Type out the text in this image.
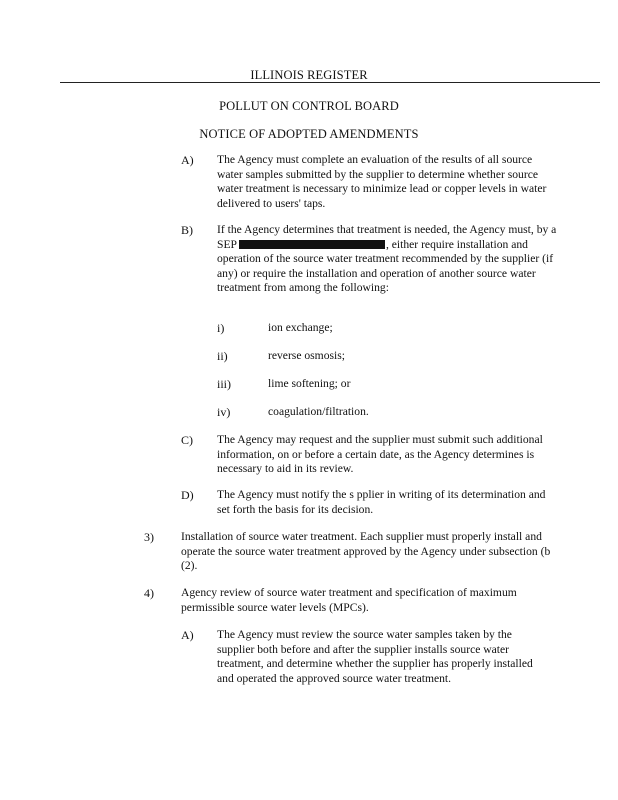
ILLINOIS REGISTER
POLLUT ON CONTROL BOARD
NOTICE OF ADOPTED AMENDMENTS
A) The Agency must complete an evaluation of the results of all source water samples submitted by the supplier to determine whether source water treatment is necessary to minimize lead or copper levels in water delivered to users' taps.
B) If the Agency determines that treatment is needed, the Agency must, by a SEP	, either require installation and operation of the source water treatment recommended by the supplier (if any) or require the installation and operation of another source water treatment from among the following:
i)	ion exchange;
ii)	reverse osmosis;
iii)	lime softening; or
iv)	coagulation/filtration.
C) The Agency may request and the supplier must submit such additional information, on or before a certain date, as the Agency determines is necessary to aid in its review.
D) The Agency must notify the s pplier in writing of its determination and set forth the basis for its decision.
3) Installation of source water treatment. Each supplier must properly install and operate the source water treatment approved by the Agency under subsection (b (2).
4) Agency review of source water treatment and specification of maximum permissible source water levels (MPCs).
A) The Agency must review the source water samples taken by the supplier both before and after the supplier installs source water treatment, and determine whether the supplier has properly installed and operated the approved source water treatment.
